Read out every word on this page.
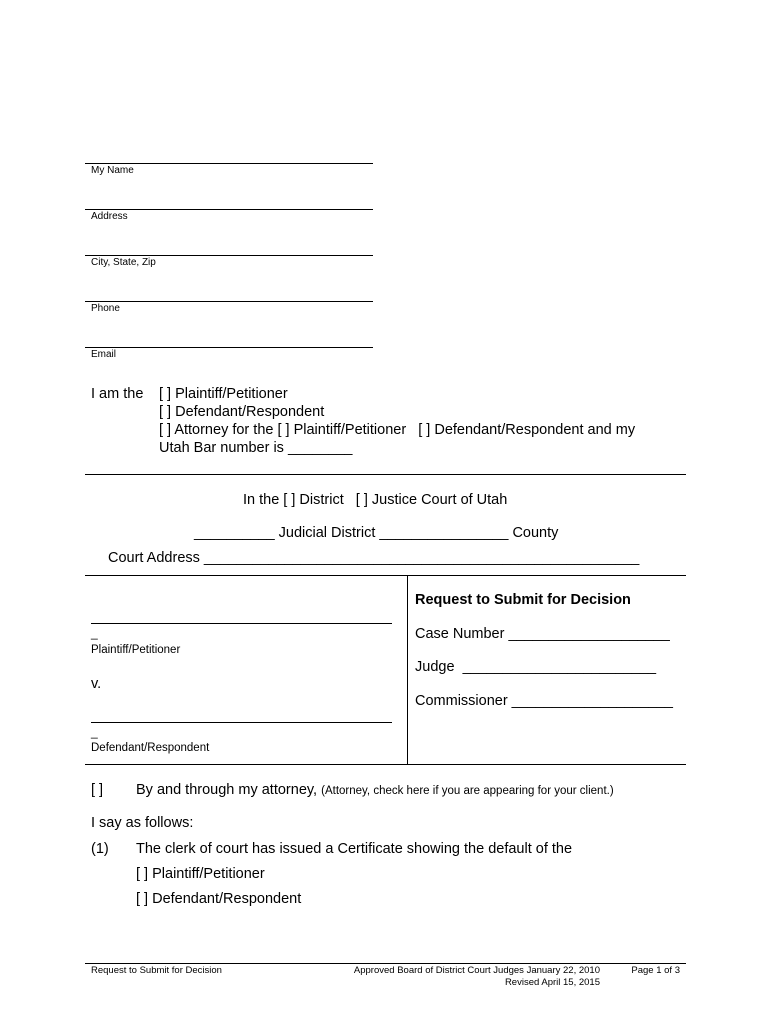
My Name
Address
City, State, Zip
Phone
Email
I am the [ ] Plaintiff/Petitioner
[ ] Defendant/Respondent
[ ] Attorney for the [ ] Plaintiff/Petitioner   [ ] Defendant/Respondent and my
Utah Bar number is ________
In the [ ] District   [ ] Justice Court of Utah
__________ Judicial District ________________ County
Court Address ______________________________________________________
_
Plaintiff/Petitioner
v.
_
Defendant/Respondent
Request to Submit for Decision
Case Number ____________________
Judge  ________________________
Commissioner ____________________
[ ] By and through my attorney, (Attorney, check here if you are appearing for your client.)
I say as follows:
(1) The clerk of court has issued a Certificate showing the default of the
[ ] Plaintiff/Petitioner
[ ] Defendant/Respondent
Request to Submit for Decision	Approved Board of District Court Judges January 22, 2010
Revised April 15, 2015
Page 1 of 3
